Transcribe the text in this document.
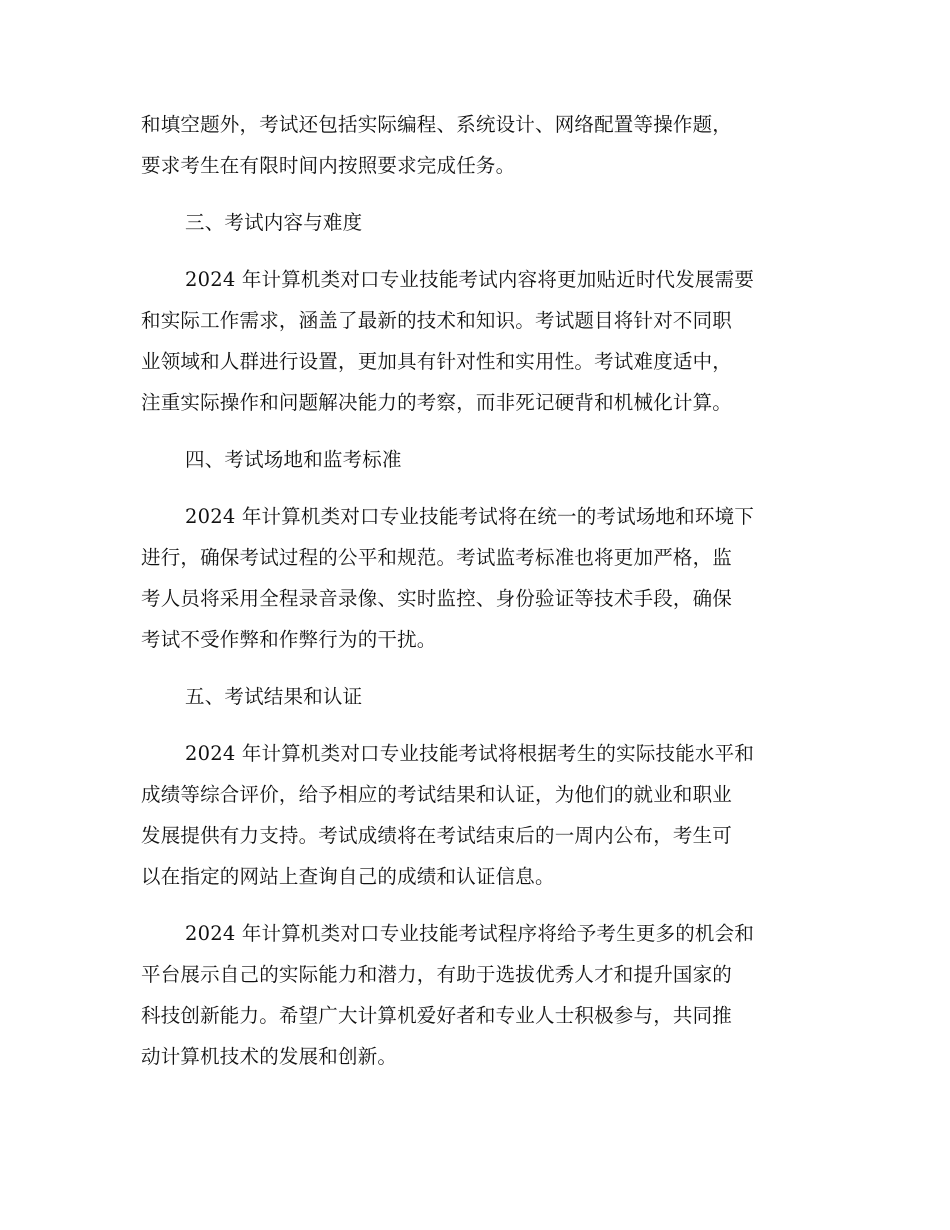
和填空题外，考试还包括实际编程、系统设计、网络配置等操作题，
要求考生在有限时间内按照要求完成任务。

三、考试内容与难度

2024 年计算机类对口专业技能考试内容将更加贴近时代发展需要
和实际工作需求，涵盖了最新的技术和知识。考试题目将针对不同职
业领域和人群进行设置，更加具有针对性和实用性。考试难度适中，
注重实际操作和问题解决能力的考察，而非死记硬背和机械化计算。

四、考试场地和监考标准

2024 年计算机类对口专业技能考试将在统一的考试场地和环境下
进行，确保考试过程的公平和规范。考试监考标准也将更加严格，监
考人员将采用全程录音录像、实时监控、身份验证等技术手段，确保
考试不受作弊和作弊行为的干扰。

五、考试结果和认证

2024 年计算机类对口专业技能考试将根据考生的实际技能水平和
成绩等综合评价，给予相应的考试结果和认证，为他们的就业和职业
发展提供有力支持。考试成绩将在考试结束后的一周内公布，考生可
以在指定的网站上查询自己的成绩和认证信息。

2024 年计算机类对口专业技能考试程序将给予考生更多的机会和
平台展示自己的实际能力和潜力，有助于选拔优秀人才和提升国家的
科技创新能力。希望广大计算机爱好者和专业人士积极参与，共同推
动计算机技术的发展和创新。
